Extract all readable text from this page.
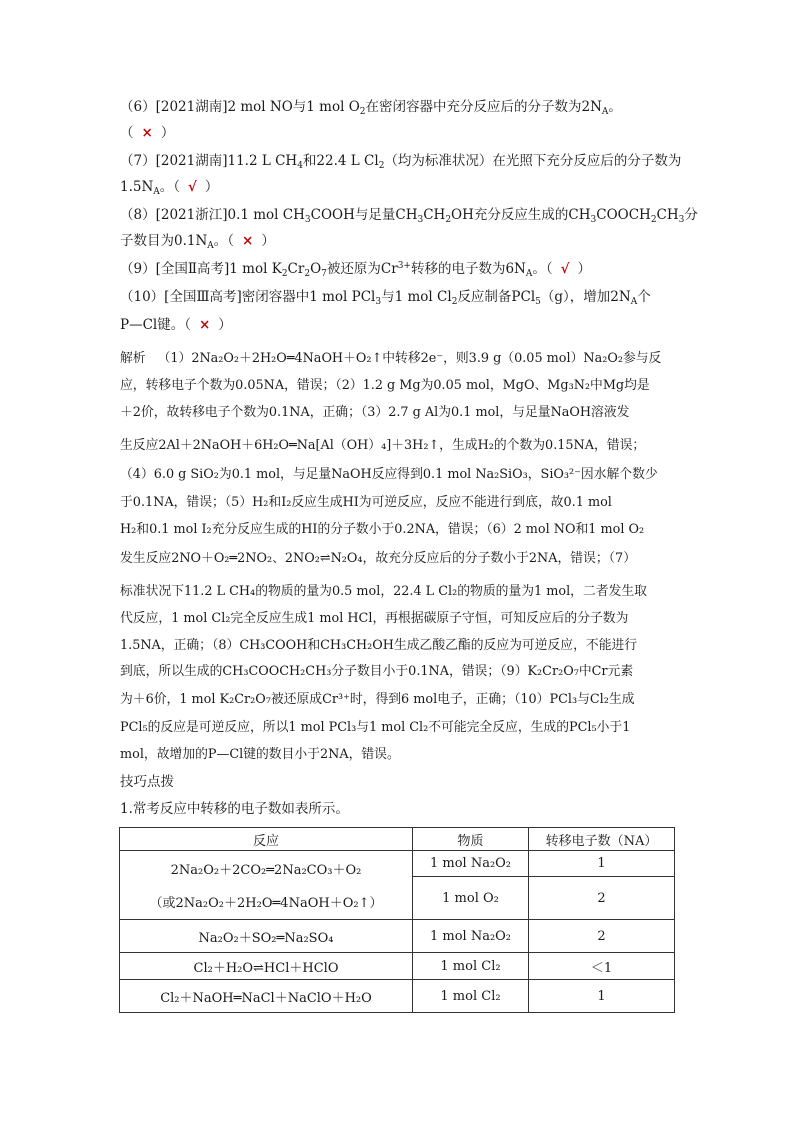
（6）[2021湖南]2 mol NO与1 mol $O_2$在密闭容器中充分反应后的分子数为$2N_A$。
（ × ）
（7）[2021湖南]11.2 L $CH_4$和22.4 L $Cl_2$（均为标准状况）在光照下充分反应后的分子数为
$1.5N_A$。（ √ ）
（8）[2021浙江]0.1 mol $CH_3COOH$与足量$CH_3CH_2OH$充分反应生成的$CH_3COOCH_2CH_3$分
子数目为$0.1N_A$。（ × ）
（9）[全国Ⅱ高考]1 mol $K_2Cr_2O_7$被还原为$Cr^{3+}$转移的电子数为$6N_A$。（ √ ）
（10）[全国Ⅲ高考]密闭容器中1 mol PCl$_3$与1 mol $Cl_2$反应制备PCl$_5$（g），增加$2N_A$个
P—Cl键。（ × ）
解析 （1）2Na₂O₂＋2H₂O═4NaOH＋O₂↑中转移2e⁻，则3.9 g（0.05 mol）Na₂O₂参与反
应，转移电子个数为0.05NA，错误；（2）1.2 g Mg为0.05 mol，MgO、Mg₃N₂中Mg均是
＋2价，故转移电子个数为0.1NA，正确；（3）2.7 g Al为0.1 mol，与足量NaOH溶液发
生反应2Al＋2NaOH＋6H₂O═Na[Al（OH）₄]＋3H₂↑，生成H₂的个数为0.15NA，错误；
（4）6.0 g SiO₂为0.1 mol，与足量NaOH反应得到0.1 mol Na₂SiO₃，SiO₃²⁻因水解个数少
于0.1NA，错误；（5）H₂和I₂反应生成HI为可逆反应，反应不能进行到底，故0.1 mol
H₂和0.1 mol I₂充分反应生成的HI的分子数小于0.2NA，错误；（6）2 mol NO和1 mol O₂
发生反应2NO＋O₂═2NO₂、2NO₂⇌N₂O₄，故充分反应后的分子数小于2NA，错误；（7）
标准状况下11.2 L CH₄的物质的量为0.5 mol，22.4 L Cl₂的物质的量为1 mol，二者发生取
代反应，1 mol Cl₂完全反应生成1 mol HCl，再根据碳原子守恒，可知反应后的分子数为
1.5NA，正确；（8）CH₃COOH和CH₃CH₂OH生成乙酸乙酯的反应为可逆反应，不能进行
到底，所以生成的CH₃COOCH₂CH₃分子数目小于0.1NA，错误；（9）K₂Cr₂O₇中Cr元素
为＋6价，1 mol K₂Cr₂O₇被还原成Cr³⁺时，得到6 mol电子，正确；（10）PCl₃与Cl₂生成
PCl₅的反应是可逆反应，所以1 mol PCl₃与1 mol Cl₂不可能完全反应，生成的PCl₅小于1
mol，故增加的P—Cl键的数目小于2NA，错误。
技巧点拨
1.常考反应中转移的电子数如表所示。
反应	物质	转移电子数（NA）

2Na₂O₂＋2CO₂═2Na₂CO₃＋O₂
（或2Na₂O₂＋2H₂O═4NaOH＋O₂↑）	1 mol Na₂O₂	1
	1 mol O₂	2
Na₂O₂＋SO₂═Na₂SO₄	1 mol Na₂O₂	2
Cl₂＋H₂O⇌HCl＋HClO	1 mol Cl₂	＜1
Cl₂＋NaOH═NaCl＋NaClO＋H₂O	1 mol Cl₂	1
